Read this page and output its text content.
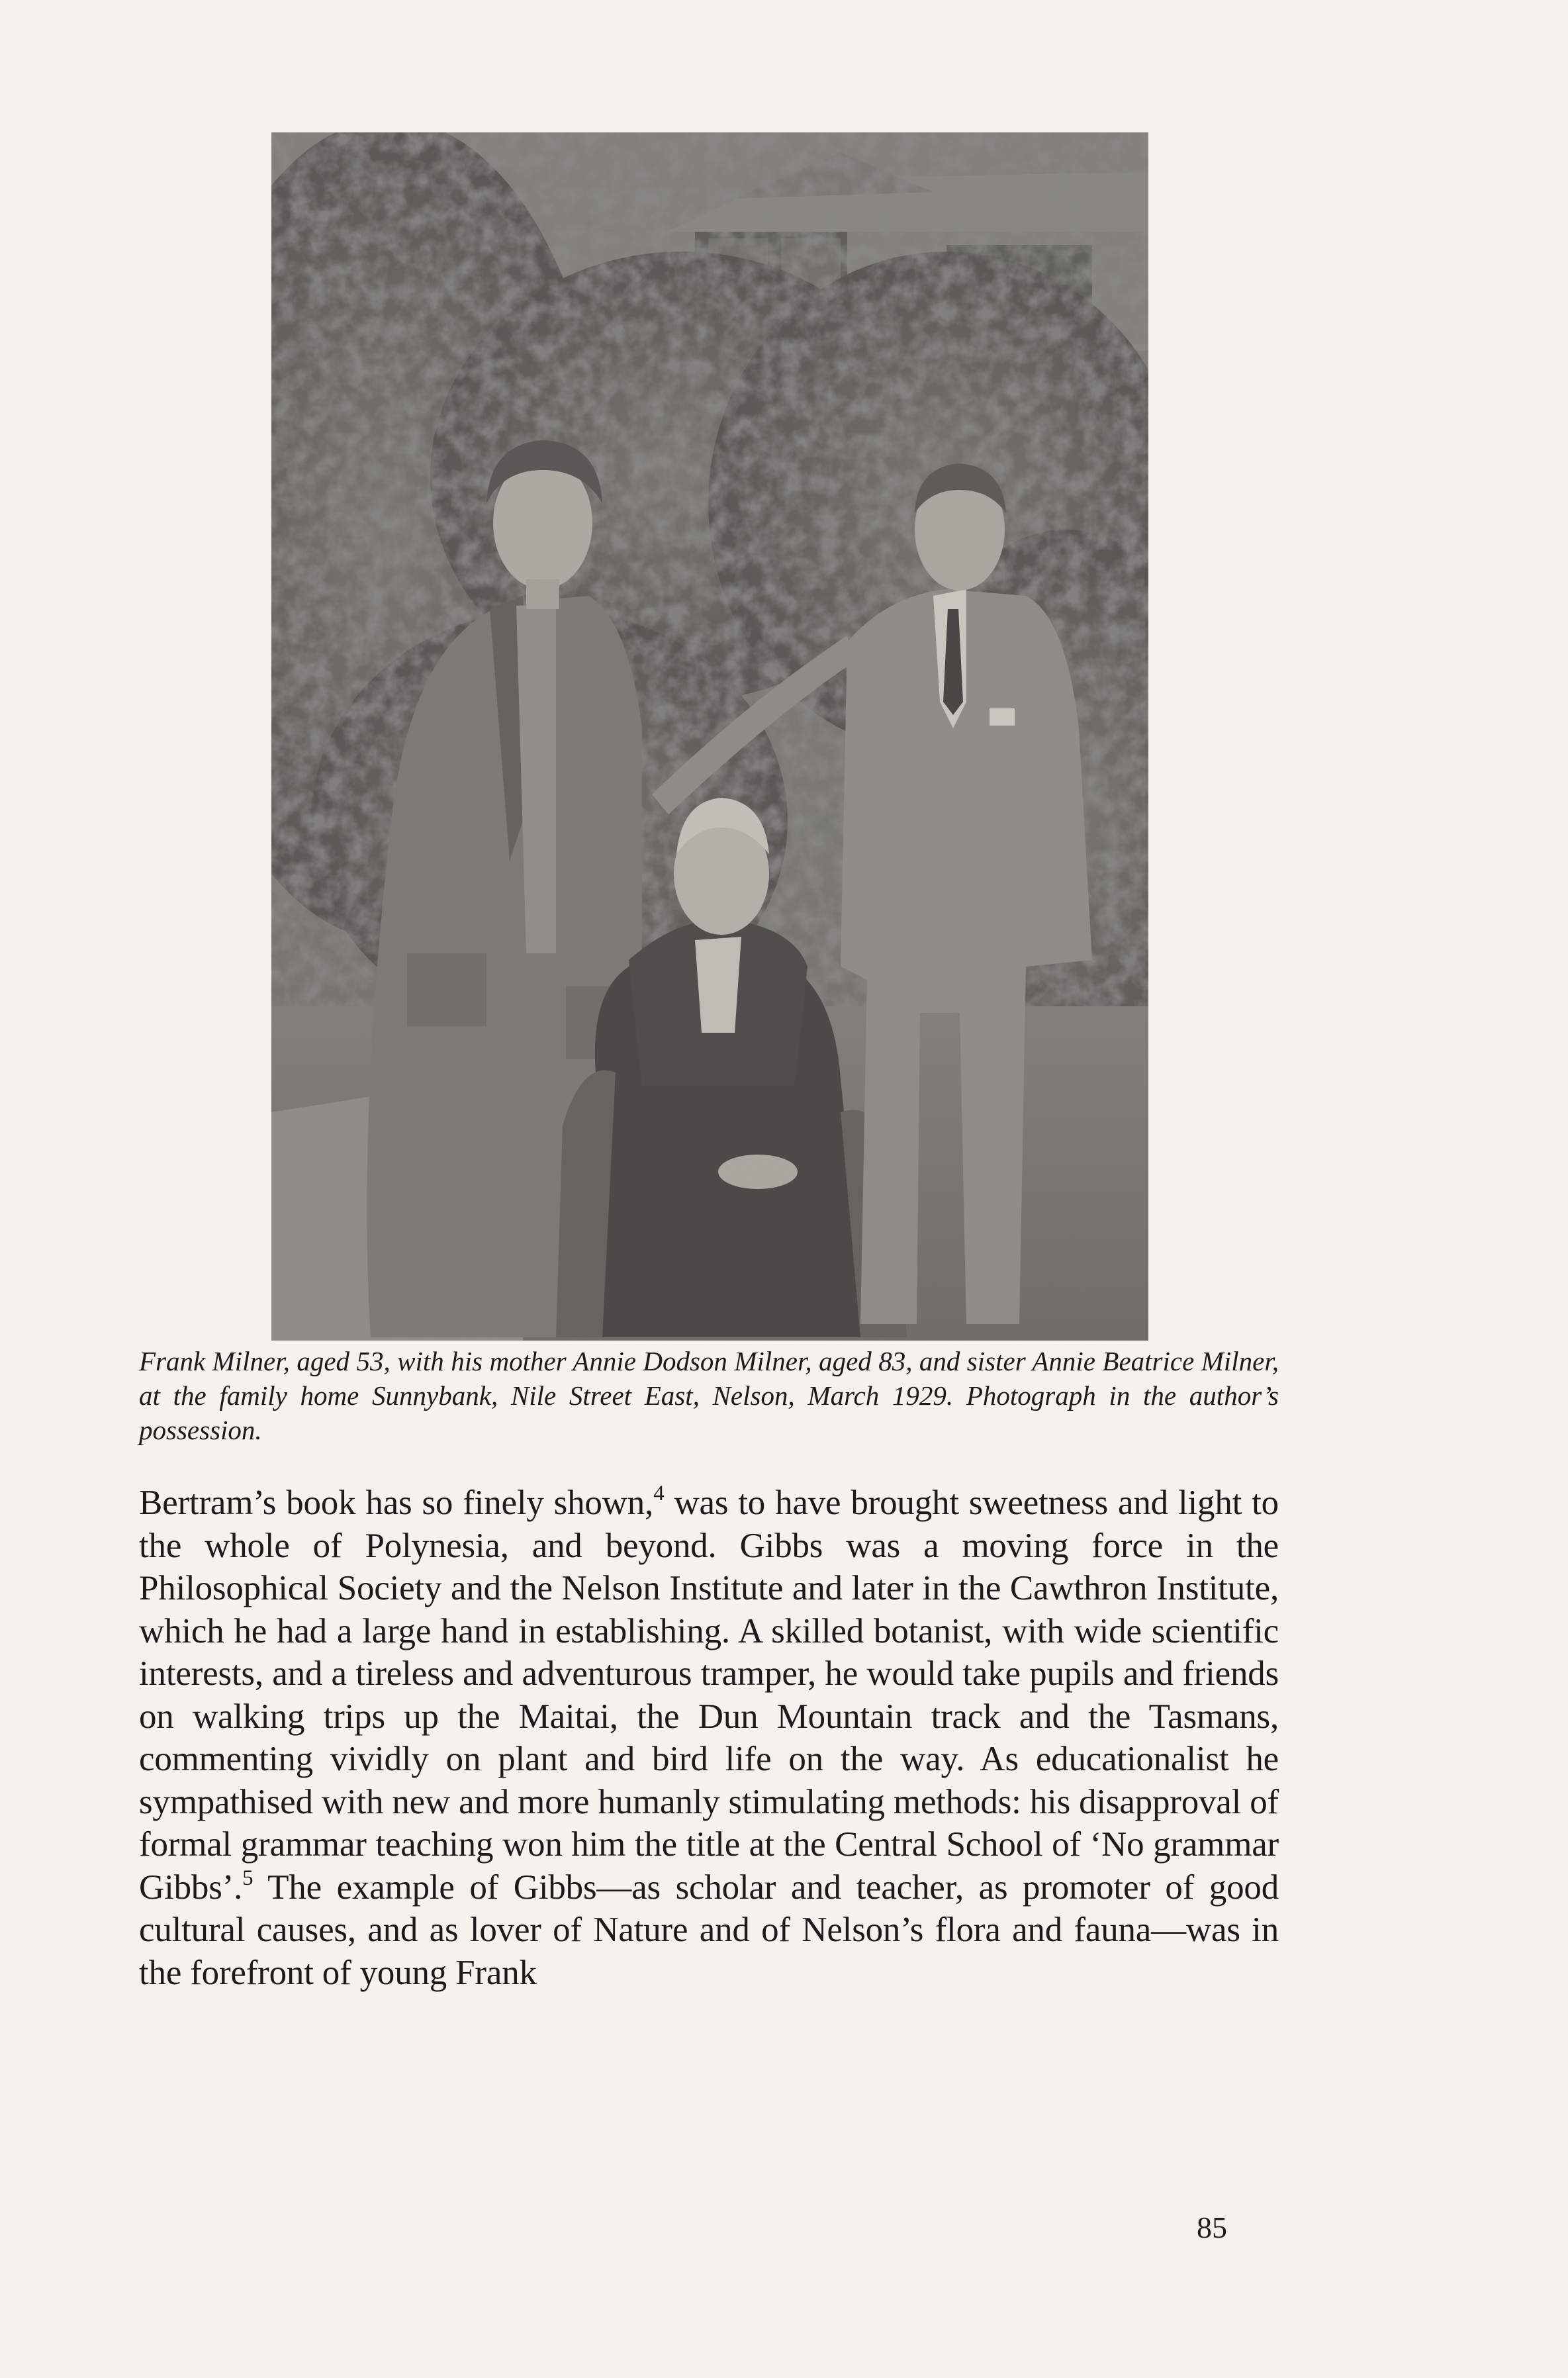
Frank Milner, aged 53, with his mother Annie Dodson Milner, aged 83, and sister Annie Beatrice Milner, at the family home Sunnybank, Nile Street East, Nelson, March 1929. Photograph in the author’s possession.

Bertram’s book has so finely shown,$^4$ was to have brought sweetness and light to the whole of Polynesia, and beyond. Gibbs was a moving force in the Philosophical Society and the Nelson Institute and later in the Cawthron Institute, which he had a large hand in establishing. A skilled botanist, with wide scientific interests, and a tireless and adventurous tramper, he would take pupils and friends on walking trips up the Maitai, the Dun Mountain track and the Tasmans, commenting vividly on plant and bird life on the way. As educationalist he sympathised with new and more humanly stimulating methods: his disapproval of formal grammar teaching won him the title at the Central School of ‘No grammar Gibbs’.$^5$ The example of Gibbs—as scholar and teacher, as promoter of good cultural causes, and as lover of Nature and of Nelson’s flora and fauna—was in the forefront of young Frank

85
